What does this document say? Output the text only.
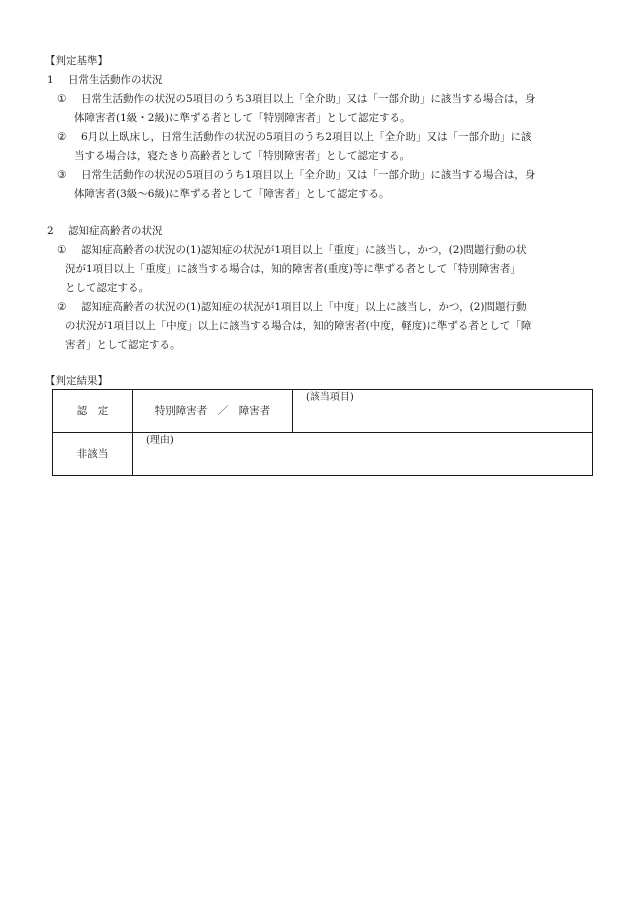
【判定基準】
1 日常生活動作の状況
① 日常生活動作の状況の5項目のうち3項目以上「全介助」又は「一部介助」に該当する場合は，身
体障害者(1級・2級)に準ずる者として「特別障害者」として認定する。
② 6月以上臥床し，日常生活動作の状況の5項目のうち2項目以上「全介助」又は「一部介助」に該
当する場合は，寝たきり高齢者として「特別障害者」として認定する。
③ 日常生活動作の状況の5項目のうち1項目以上「全介助」又は「一部介助」に該当する場合は，身
体障害者(3級〜6級)に準ずる者として「障害者」として認定する。
2 認知症高齢者の状況
① 認知症高齢者の状況の(1)認知症の状況が1項目以上「重度」に該当し，かつ，(2)問題行動の状
況が1項目以上「重度」に該当する場合は，知的障害者(重度)等に準ずる者として「特別障害者」
として認定する。
② 認知症高齢者の状況の(1)認知症の状況が1項目以上「中度」以上に該当し，かつ，(2)問題行動
の状況が1項目以上「中度」以上に該当する場合は，知的障害者(中度，軽度)に準ずる者として「障
害者」として認定する。
【判定結果】
認　定	特別障害者　／　障害者	(該当項目)

非該当	(理由)	
